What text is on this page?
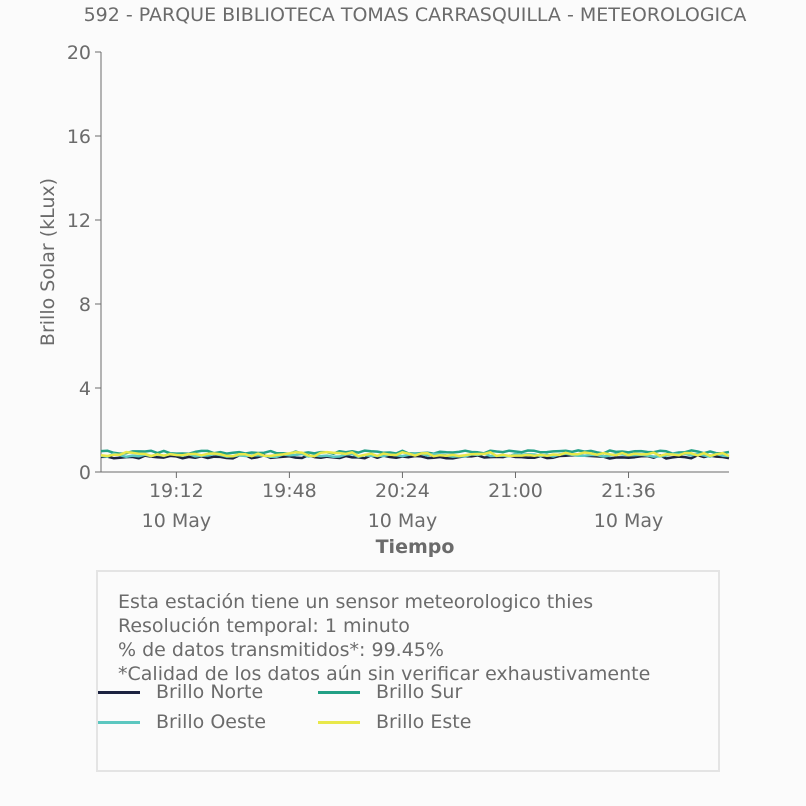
592 - PARQUE BIBLIOTECA TOMAS CARRASQUILLA - METEOROLOGICA
0
4
8
12
16
20
19:12
10 May
19:48	20:24
10 May
21:00	21:36
10 May
Brillo Solar (kLux)
Tiempo
Esta estación tiene un sensor meteorologico thies
Resolución temporal: 1 minuto
% de datos transmitidos*: 99.45%
*Calidad de los datos aún sin verificar exhaustivamente
Brillo Norte	Brillo Sur
Brillo Oeste	Brillo Este
